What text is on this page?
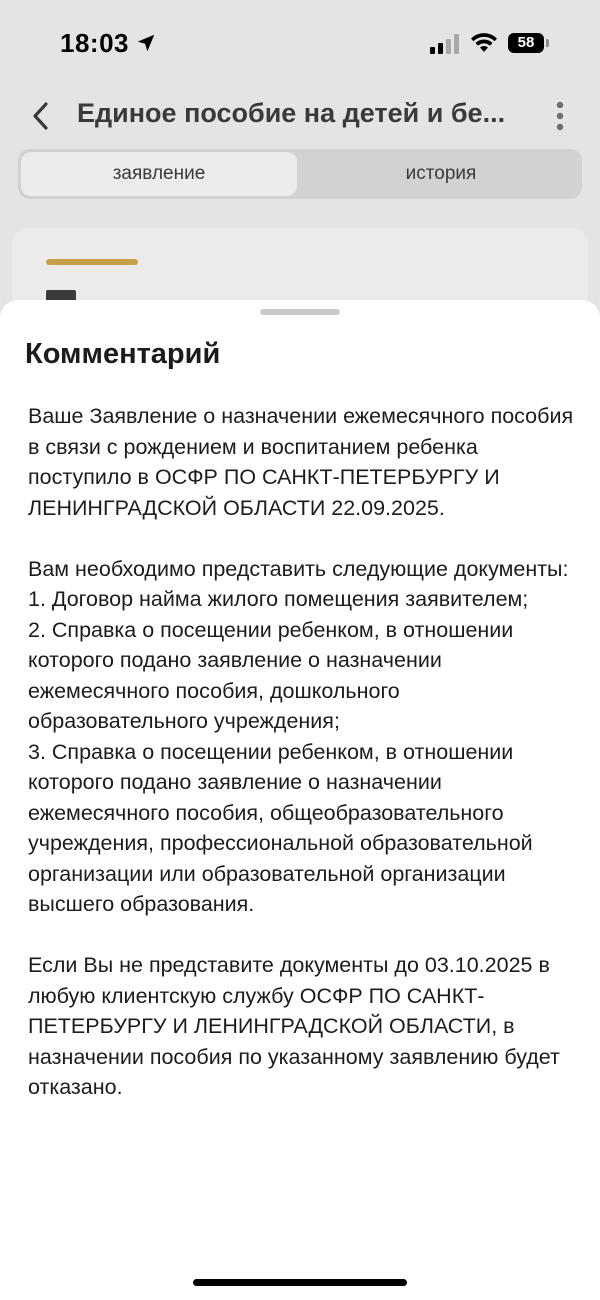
18:03	58
Единое пособие на детей и бе...
заявление	история
Комментарий

Ваше Заявление о назначении ежемесячного пособия в связи с рождением и воспитанием ребенка поступило в ОСФР ПО САНКТ-ПЕТЕРБУРГУ И ЛЕНИНГРАДСКОЙ ОБЛАСТИ 22.09.2025.

Вам необходимо представить следующие документы:

1. Договор найма жилого помещения заявителем;

2. Справка о посещении ребенком, в отношении которого подано заявление о назначении ежемесячного пособия, дошкольного образовательного учреждения;

3. Справка о посещении ребенком, в отношении которого подано заявление о назначении ежемесячного пособия, общеобразовательного учреждения, профессиональной образовательной организации или образовательной организации высшего образования.

Если Вы не представите документы до 03.10.2025 в любую клиентскую службу ОСФР ПО САНКТ-ПЕТЕРБУРГУ И ЛЕНИНГРАДСКОЙ ОБЛАСТИ, в назначении пособия по указанному заявлению будет отказано.
